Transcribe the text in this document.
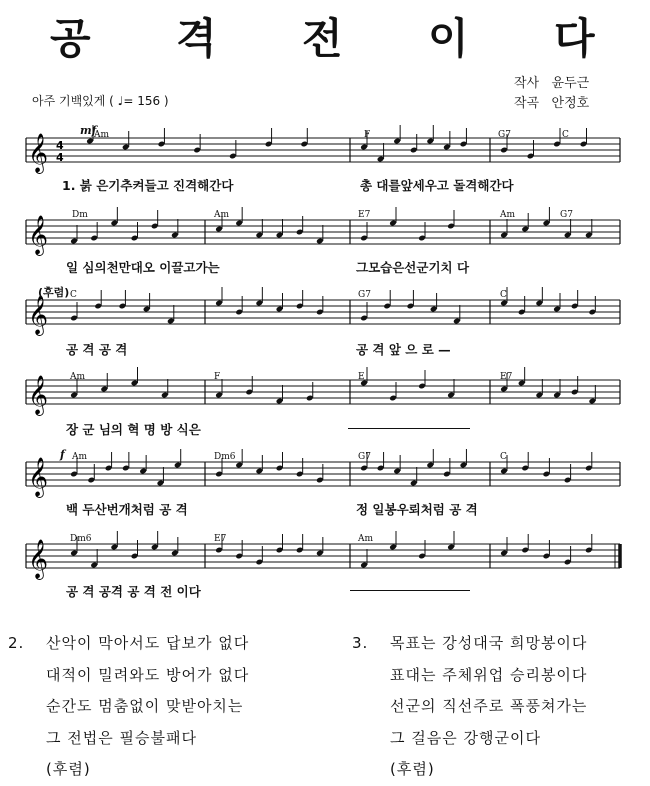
공 격 전 이 다
작사 윤두근
작곡 안정호
아주 기백있게 ( ♩= 156 )
𝄞
𝄞
𝄞
𝄞
𝄞
𝄞
4
4
mf
f
(후렴)
Am	F	G7	C
Dm	Am	E7	Am	G7
C	G7	C
Am	F	E	E7
Am	Dm6	G7	C
Dm6	E7	Am
1. 붉 은기추켜들고 진격해간다	총 대를앞세우고 돌격해간다
일 심의천만대오 이끌고가는	그모습은선군기치 다
공 격 공 격	공 격 앞 으 로 —
장 군 님의 혁 명 방 식은
백 두산번개처럼 공 격	정 일봉우뢰처럼 공 격
공 격 공격 공 격 전 이다
2.	산악이 막아서도 답보가 없다
대적이 밀려와도 방어가 없다
순간도 멈춤없이 맞받아치는
그 전법은 필승불패다
(후렴)
3.	목표는 강성대국 희망봉이다
표대는 주체위업 승리봉이다
선군의 직선주로 폭풍쳐가는
그 걸음은 강행군이다
(후렴)
